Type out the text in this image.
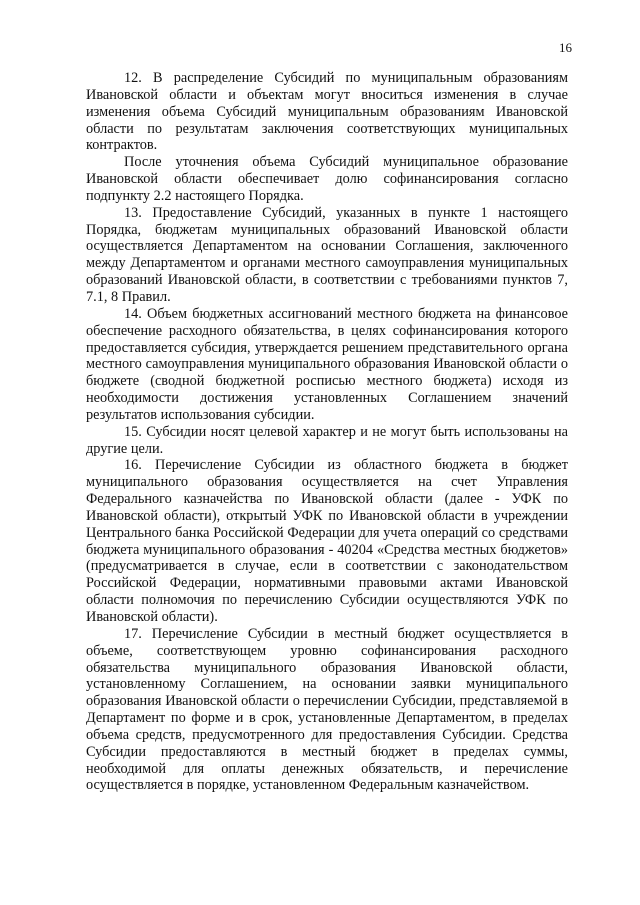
16

12. В распределение Субсидий по муниципальным образованиям Ивановской области и объектам могут вноситься изменения в случае изменения объема Субсидий муниципальным образованиям Ивановской области по результатам заключения соответствующих муниципальных контрактов.

После уточнения объема Субсидий муниципальное образование Ивановской области обеспечивает долю софинансирования согласно подпункту 2.2 настоящего Порядка.

13. Предоставление Субсидий, указанных в пункте 1 настоящего Порядка, бюджетам муниципальных образований Ивановской области осуществляется Департаментом на основании Соглашения, заключенного между Департаментом и органами местного самоуправления муниципальных образований Ивановской области, в соответствии с требованиями пунктов 7, 7.1, 8 Правил.

14. Объем бюджетных ассигнований местного бюджета на финансовое обеспечение расходного обязательства, в целях софинансирования которого предоставляется субсидия, утверждается решением представительного органа местного самоуправления муниципального образования Ивановской области о бюджете (сводной бюджетной росписью местного бюджета) исходя из необходимости достижения установленных Соглашением значений результатов использования субсидии.

15. Субсидии носят целевой характер и не могут быть использованы на другие цели.

16. Перечисление Субсидии из областного бюджета в бюджет муниципального образования осуществляется на счет Управления Федерального казначейства по Ивановской области (далее - УФК по Ивановской области), открытый УФК по Ивановской области в учреждении Центрального банка Российской Федерации для учета операций со средствами бюджета муниципального образования - 40204 «Средства местных бюджетов» (предусматривается в случае, если в соответствии с законодательством Российской Федерации, нормативными правовыми актами Ивановской области полномочия по перечислению Субсидии осуществляются УФК по Ивановской области).

17. Перечисление Субсидии в местный бюджет осуществляется в объеме, соответствующем уровню софинансирования расходного обязательства муниципального образования Ивановской области, установленному Соглашением, на основании заявки муниципального образования Ивановской области о перечислении Субсидии, представляемой в Департамент по форме и в срок, установленные Департаментом, в пределах объема средств, предусмотренного для предоставления Субсидии. Средства Субсидии предоставляются в местный бюджет в пределах суммы, необходимой для оплаты денежных обязательств, и перечисление осуществляется в порядке, установленном Федеральным казначейством.
